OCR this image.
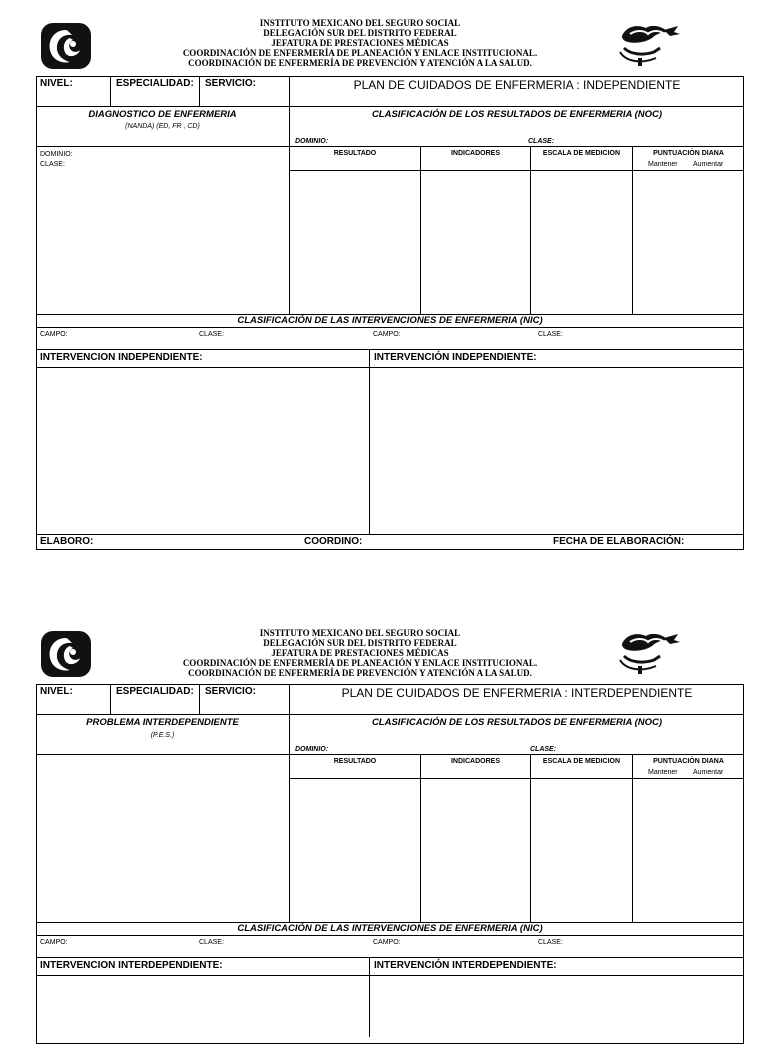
INSTITUTO MEXICANO DEL SEGURO SOCIAL
DELEGACIÓN SUR DEL DISTRITO FEDERAL
JEFATURA DE PRESTACIONES MÉDICAS
COORDINACIÓN DE ENFERMERÍA DE PLANEACIÓN Y ENLACE INSTITUCIONAL.
COORDINACIÓN DE ENFERMERÍA DE PREVENCIÓN Y ATENCIÓN A LA SALUD.
NIVEL:	ESPECIALIDAD: SERVICIO:	PLAN DE CUIDADOS DE ENFERMERIA : INDEPENDIENTE
DIAGNOSTICO DE ENFERMERIA
(NANDA) (ED, FR , CD)
CLASIFICACIÓN DE LOS RESULTADOS DE ENFERMERIA (NOC)
DOMINIO:	CLASE:
DOMINIO:
CLASE:
RESULTADO	INDICADORES	ESCALA DE MEDICION	PUNTUACIÓN DIANA
Mantener Aumentar
CLASIFICACIÓN DE LAS INTERVENCIONES DE ENFERMERIA (NIC)
CAMPO:	CLASE:	CAMPO:	CLASE:
INTERVENCION INDEPENDIENTE:	INTERVENCIÓN INDEPENDIENTE:
ELABORO:	COORDINO:	FECHA DE ELABORACIÓN:
INSTITUTO MEXICANO DEL SEGURO SOCIAL
DELEGACIÓN SUR DEL DISTRITO FEDERAL
JEFATURA DE PRESTACIONES MÉDICAS
COORDINACIÓN DE ENFERMERÍA DE PLANEACIÓN Y ENLACE INSTITUCIONAL.
COORDINACIÓN DE ENFERMERÍA DE PREVENCIÓN Y ATENCIÓN A LA SALUD.
NIVEL:	ESPECIALIDAD: SERVICIO:	PLAN DE CUIDADOS DE ENFERMERIA : INTERDEPENDIENTE
PROBLEMA INTERDEPENDIENTE
(P.E.S.)
CLASIFICACIÓN DE LOS RESULTADOS DE ENFERMERIA (NOC)
DOMINIO:	CLASE:
RESULTADO	INDICADORES	ESCALA DE MEDICION	PUNTUACIÓN DIANA
Mantener Aumentar
CLASIFICACIÓN DE LAS INTERVENCIONES DE ENFERMERIA (NIC)
CAMPO:	CLASE:	CAMPO:	CLASE:
INTERVENCION INTERDEPENDIENTE:	INTERVENCIÓN INTERDEPENDIENTE:
